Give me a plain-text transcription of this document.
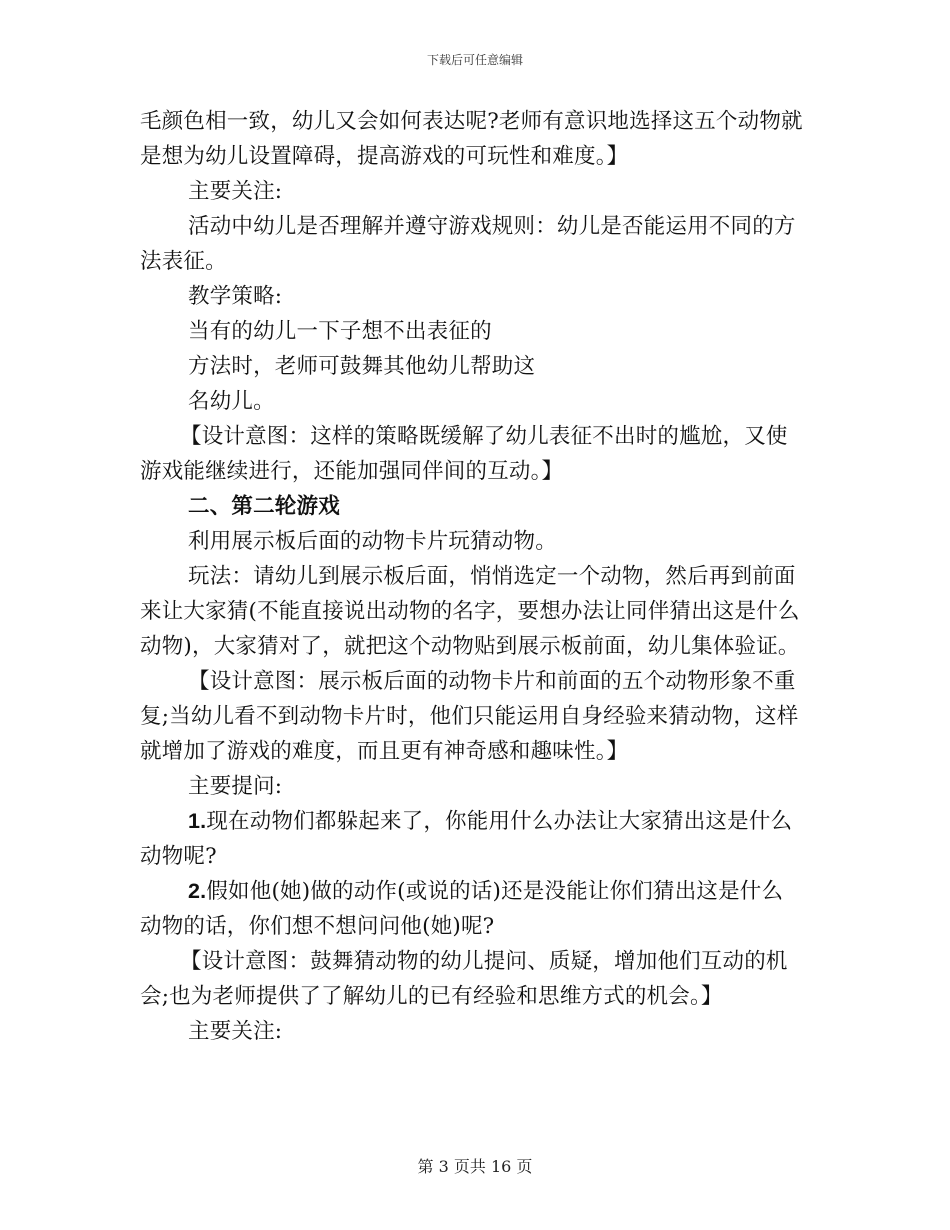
下载后可任意编辑
毛颜色相一致，幼儿又会如何表达呢?老师有意识地选择这五个动物就
是想为幼儿设置障碍，提高游戏的可玩性和难度。】
主要关注:
活动中幼儿是否理解并遵守游戏规则：幼儿是否能运用不同的方
法表征。
教学策略:
当有的幼儿一下子想不出表征的
方法时，老师可鼓舞其他幼儿帮助这
名幼儿。
【设计意图：这样的策略既缓解了幼儿表征不出时的尴尬，又使
游戏能继续进行，还能加强同伴间的互动。】
二、第二轮游戏
利用展示板后面的动物卡片玩猜动物。
玩法：请幼儿到展示板后面，悄悄选定一个动物，然后再到前面
来让大家猜(不能直接说出动物的名字，要想办法让同伴猜出这是什么
动物)，大家猜对了，就把这个动物贴到展示板前面，幼儿集体验证。
【设计意图：展示板后面的动物卡片和前面的五个动物形象不重
复;当幼儿看不到动物卡片时，他们只能运用自身经验来猜动物，这样
就增加了游戏的难度，而且更有神奇感和趣味性。】
主要提问:
1.现在动物们都躲起来了，你能用什么办法让大家猜出这是什么
动物呢?
2.假如他(她)做的动作(或说的话)还是没能让你们猜出这是什么
动物的话，你们想不想问问他(她)呢?
【设计意图：鼓舞猜动物的幼儿提问、质疑，增加他们互动的机
会;也为老师提供了了解幼儿的已有经验和思维方式的机会。】
主要关注:
第 3 页共 16 页
